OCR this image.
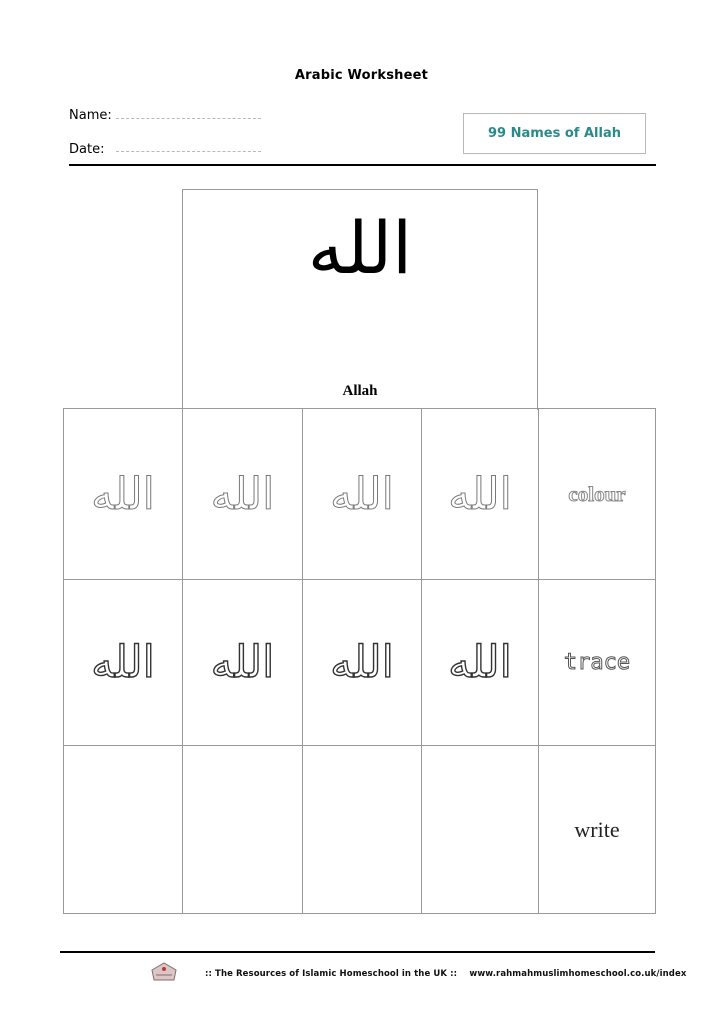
Arabic Worksheet
Name:
Date:
99 Names of Allah
الله
Allah
الله الله الله الله	colour
الله الله الله الله trace
write
:: The Resources of Islamic Homeschool in the UK :: www.rahmahmuslimhomeschool.co.uk/index
